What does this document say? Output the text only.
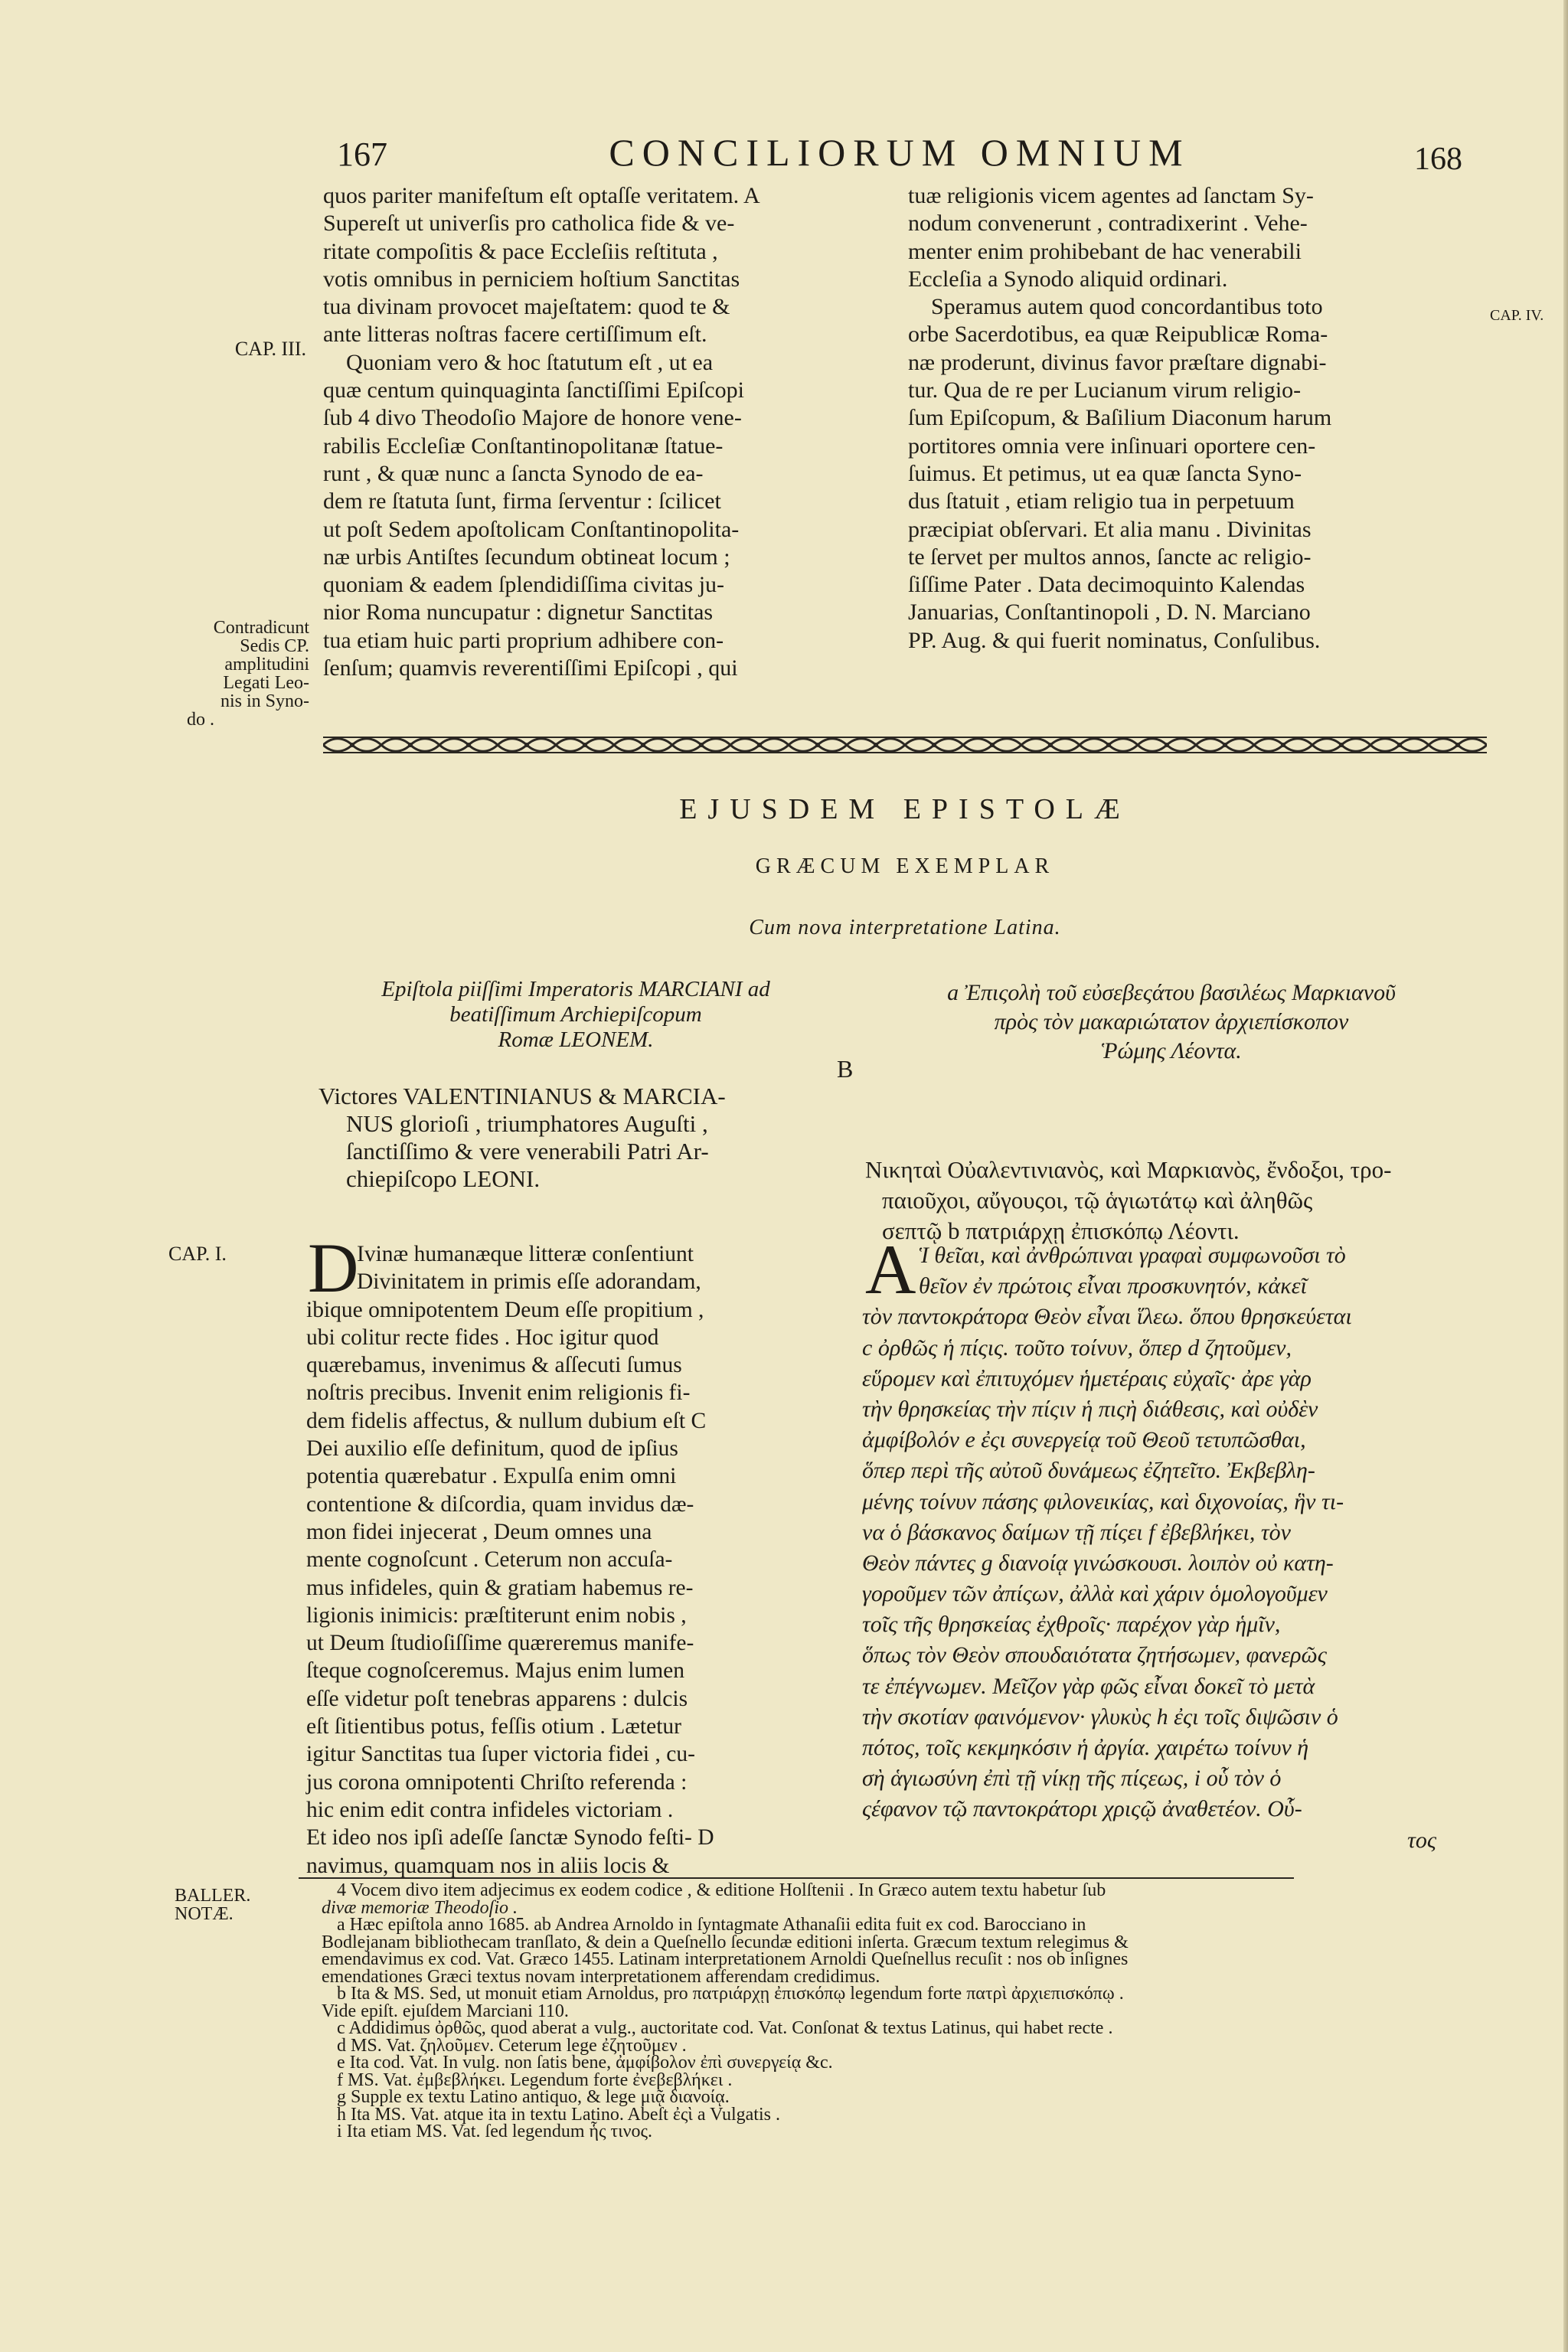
167	CONCILIORUM OMNIUM	168
quos pariter manifeſtum eſt optaſſe veritatem. A
Supereſt ut univerſis pro catholica fide & ve-
ritate compoſitis & pace Eccleſiis reſtituta ,
votis omnibus in perniciem hoſtium Sanctitas
tua divinam provocet majeſtatem: quod te &
ante litteras noſtras facere certiſſimum eſt.
Quoniam vero & hoc ſtatutum eſt , ut ea
quæ centum quinquaginta ſanctiſſimi Epiſcopi
ſub 4 divo Theodoſio Majore de honore vene-
rabilis Eccleſiæ Conſtantinopolitanæ ſtatue-
runt , & quæ nunc a ſancta Synodo de ea-
dem re ſtatuta ſunt, firma ſerventur : ſcilicet
ut poſt Sedem apoſtolicam Conſtantinopolita-
næ urbis Antiſtes ſecundum obtineat locum ;
quoniam & eadem ſplendidiſſima civitas ju-
nior Roma nuncupatur : dignetur Sanctitas
tua etiam huic parti proprium adhibere con-
ſenſum; quamvis reverentiſſimi Epiſcopi , qui
tuæ religionis vicem agentes ad ſanctam Sy-
nodum convenerunt , contradixerint . Vehe-
menter enim prohibebant de hac venerabili
Eccleſia a Synodo aliquid ordinari.
Speramus autem quod concordantibus toto
orbe Sacerdotibus, ea quæ Reipublicæ Roma-
næ proderunt, divinus favor præſtare dignabi-
tur. Qua de re per Lucianum virum religio-
ſum Epiſcopum, & Baſilium Diaconum harum
portitores omnia vere inſinuari oportere cen-
ſuimus. Et petimus, ut ea quæ ſancta Syno-
dus ſtatuit , etiam religio tua in perpetuum
præcipiat obſervari. Et alia manu . Divinitas
te ſervet per multos annos, ſancte ac religio-
ſiſſime Pater . Data decimoquinto Kalendas
Januarias, Conſtantinopoli , D. N. Marciano
PP. Aug. & qui fuerit nominatus, Conſulibus.
CAP. III.
CAP. IV.
Contradicunt
Sedis CP.
amplitudini
Legati Leo-
nis in Syno-
do .
EJUSDEM EPISTOLÆ
GRÆCUM EXEMPLAR
Cum nova interpretatione Latina.
Epiſtola piiſſimi Imperatoris MARCIANI ad
beatiſſimum Archiepiſcopum
Romæ LEONEM.
B
a Ἐπιςολὴ τοῦ εὐσεβεςάτου βασιλέως Μαρκιανοῦ
πρὸς τὸν μακαριώτατον ἀρχιεπίσκοπον
Ῥώμης Λέοντα.
Victores VALENTINIANUS & MARCIA-
NUS glorioſi , triumphatores Auguſti ,
ſanctiſſimo & vere venerabili Patri Ar-
chiepiſcopo LEONI.	Νικηταὶ Οὐαλεντινιανὸς, καὶ Μαρκιανὸς, ἔνδοξοι, τρο-
παιοῦχοι, αὔγουςοι, τῷ ἁγιωτάτῳ καὶ ἀληθῶς
σεπτῷ b πατριάρχῃ ἐπισκόπῳ Λέοντι.
CAP. I.	D
Ivinæ humanæque litteræ conſentiunt
Divinitatem in primis eſſe adorandam,
ibique omnipotentem Deum eſſe propitium ,
ubi colitur recte fides . Hoc igitur quod
quærebamus, invenimus & aſſecuti ſumus
noſtris precibus. Invenit enim religionis fi-
dem fidelis affectus, & nullum dubium eſt C
Dei auxilio eſſe definitum, quod de ipſius
potentia quærebatur . Expulſa enim omni
contentione & diſcordia, quam invidus dæ-
mon fidei injecerat , Deum omnes una
mente cognoſcunt . Ceterum non accuſa-
mus infideles, quin & gratiam habemus re-
ligionis inimicis: præſtiterunt enim nobis ,
ut Deum ſtudioſiſſime quæreremus manife-
ſteque cognoſceremus. Majus enim lumen
eſſe videtur poſt tenebras apparens : dulcis
eſt ſitientibus potus, feſſis otium . Lætetur
igitur Sanctitas tua ſuper victoria fidei , cu-
jus corona omnipotenti Chriſto referenda :
hic enim edit contra infideles victoriam .
Et ideo nos ipſi adeſſe ſanctæ Synodo feſti- D
navimus, quamquam nos in aliis locis &
Α Ἱ θεῖαι, καὶ ἀνθρώπιναι γραφαὶ συμφωνοῦσι τὸ
θεῖον ἐν πρώτοις εἶναι προσκυνητόν, κἀκεῖ
τὸν παντοκράτορα Θεὸν εἶναι ἵλεω. ὅπου θρησκεύεται
c ὀρθῶς ἡ πίςις. τοῦτο τοίνυν, ὅπερ d ζητοῦμεν,
εὕρομεν καὶ ἐπιτυχόμεν ἡμετέραις εὐχαῖς· ἀρε γὰρ
τὴν θρησκείας τὴν πίςιν ἡ πιςὴ διάθεσις, καὶ οὐδὲν
ἀμφίβολόν e ἐςι συνεργείᾳ τοῦ Θεοῦ τετυπῶσθαι,
ὅπερ περὶ τῆς αὐτοῦ δυνάμεως ἐζητεῖτο. Ἐκβεβλη-
μένης τοίνυν πάσης φιλονεικίας, καὶ διχονοίας, ἣν τι-
να ὁ βάσκανος δαίμων τῇ πίςει f ἐβεβλήκει, τὸν
Θεὸν πάντες g διανοίᾳ γινώσκουσι. λοιπὸν οὐ κατη-
γοροῦμεν τῶν ἀπίςων, ἀλλὰ καὶ χάριν ὁμολογοῦμεν
τοῖς τῆς θρησκείας ἐχθροῖς· παρέχον γὰρ ἡμῖν,
ὅπως τὸν Θεὸν σπουδαιότατα ζητήσωμεν, φανερῶς
τε ἐπέγνωμεν. Μεῖζον γὰρ φῶς εἶναι δοκεῖ τὸ μετὰ
τὴν σκοτίαν φαινόμενον· γλυκὺς h ἐςι τοῖς διψῶσιν ὁ
πότος, τοῖς κεκμηκόσιν ἡ ἀργία. χαιρέτω τοίνυν ἡ
σὴ ἁγιωσύνη ἐπὶ τῇ νίκῃ τῆς πίςεως, i οὗ τὸν ὁ
ςέφανον τῷ παντοκράτορι χριςῷ ἀναθετέον. Οὗ-
τος
BALLER.
NOTÆ.
4 Vocem divo item adjecimus ex eodem codice , & editione Holſtenii . In Græco autem textu habetur ſub
divæ memoriæ Theodoſio .
a Hæc epiſtola anno 1685. ab Andrea Arnoldo in ſyntagmate Athanaſii edita fuit ex cod. Barocciano in
Bodlejanam bibliothecam tranſlato, & dein a Queſnello ſecundæ editioni inſerta. Græcum textum relegimus &
emendavimus ex cod. Vat. Græco 1455. Latinam interpretationem Arnoldi Queſnellus recuſit : nos ob inſignes
emendationes Græci textus novam interpretationem afferendam credidimus.
b Ita & MS. Sed, ut monuit etiam Arnoldus, pro πατριάρχῃ ἐπισκόπῳ legendum forte πατρὶ ἀρχιεπισκόπῳ .
Vide epiſt. ejuſdem Marciani 110.
c Addidimus ὀρθῶς, quod aberat a vulg., auctoritate cod. Vat. Conſonat & textus Latinus, qui habet recte .
d MS. Vat. ζηλοῦμεν. Ceterum lege ἐζητοῦμεν .
e Ita cod. Vat. In vulg. non ſatis bene, ἀμφίβολον ἐπὶ συνεργείᾳ &c.
f MS. Vat. ἐμβεβλήκει. Legendum forte ἐνεβεβλήκει .
g Supple ex textu Latino antiquo, & lege μιᾷ διανοίᾳ.
h Ita MS. Vat. atque ita in textu Latino. Abeſt ἐςὶ a Vulgatis .
i Ita etiam MS. Vat. ſed legendum ἧς τινος.
